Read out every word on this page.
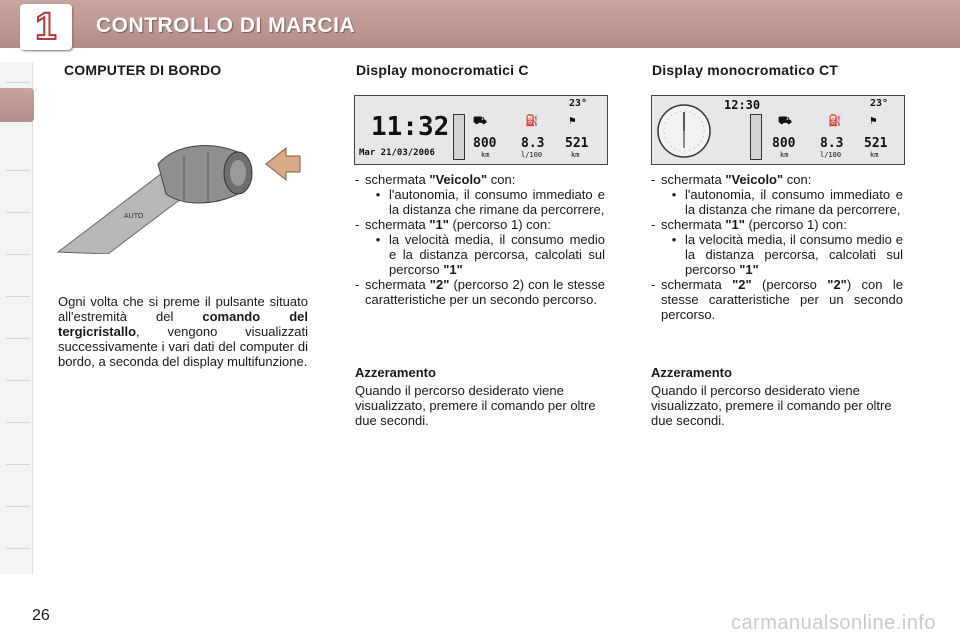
1	CONTROLLO DI MARCIA
COMPUTER DI BORDO
AUTO
Ogni volta che si preme il pulsante situato all'estremità del comando del tergicristallo, vengono visualizzati successivamente i vari dati del computer di bordo, a seconda del display multifunzione.
Display monocromatici C
11:32
Mar 21/03/2006
23°
⛟	⛽	⚑
800 8.3 521
km	l/100	km
- schermata "Veicolo" con:
• l'autonomia, il consumo immediato e la distanza che rimane da percorrere,
- schermata "1" (percorso 1) con:
• la velocità media, il consumo medio e la distanza percorsa, calcolati sul percorso "1"
- schermata "2" (percorso 2) con le stesse caratteristiche per un secondo percorso.
Azzeramento
Quando il percorso desiderato viene visualizzato, premere il comando per oltre due secondi.
Display monocromatico CT
12:30	23°
⛟	⛽	⚑
800 8.3 521
km	l/100	km
- schermata "Veicolo" con:
• l'autonomia, il consumo immediato e la distanza che rimane da percorrere,
- schermata "1" (percorso 1) con:
• la velocità media, il consumo medio e la distanza percorsa, calcolati sul percorso "1"
- schermata "2" (percorso "2") con le stesse caratteristiche per un secondo percorso.
Azzeramento
Quando il percorso desiderato viene visualizzato, premere il comando per oltre due secondi.
26	carmanualsonline.info
